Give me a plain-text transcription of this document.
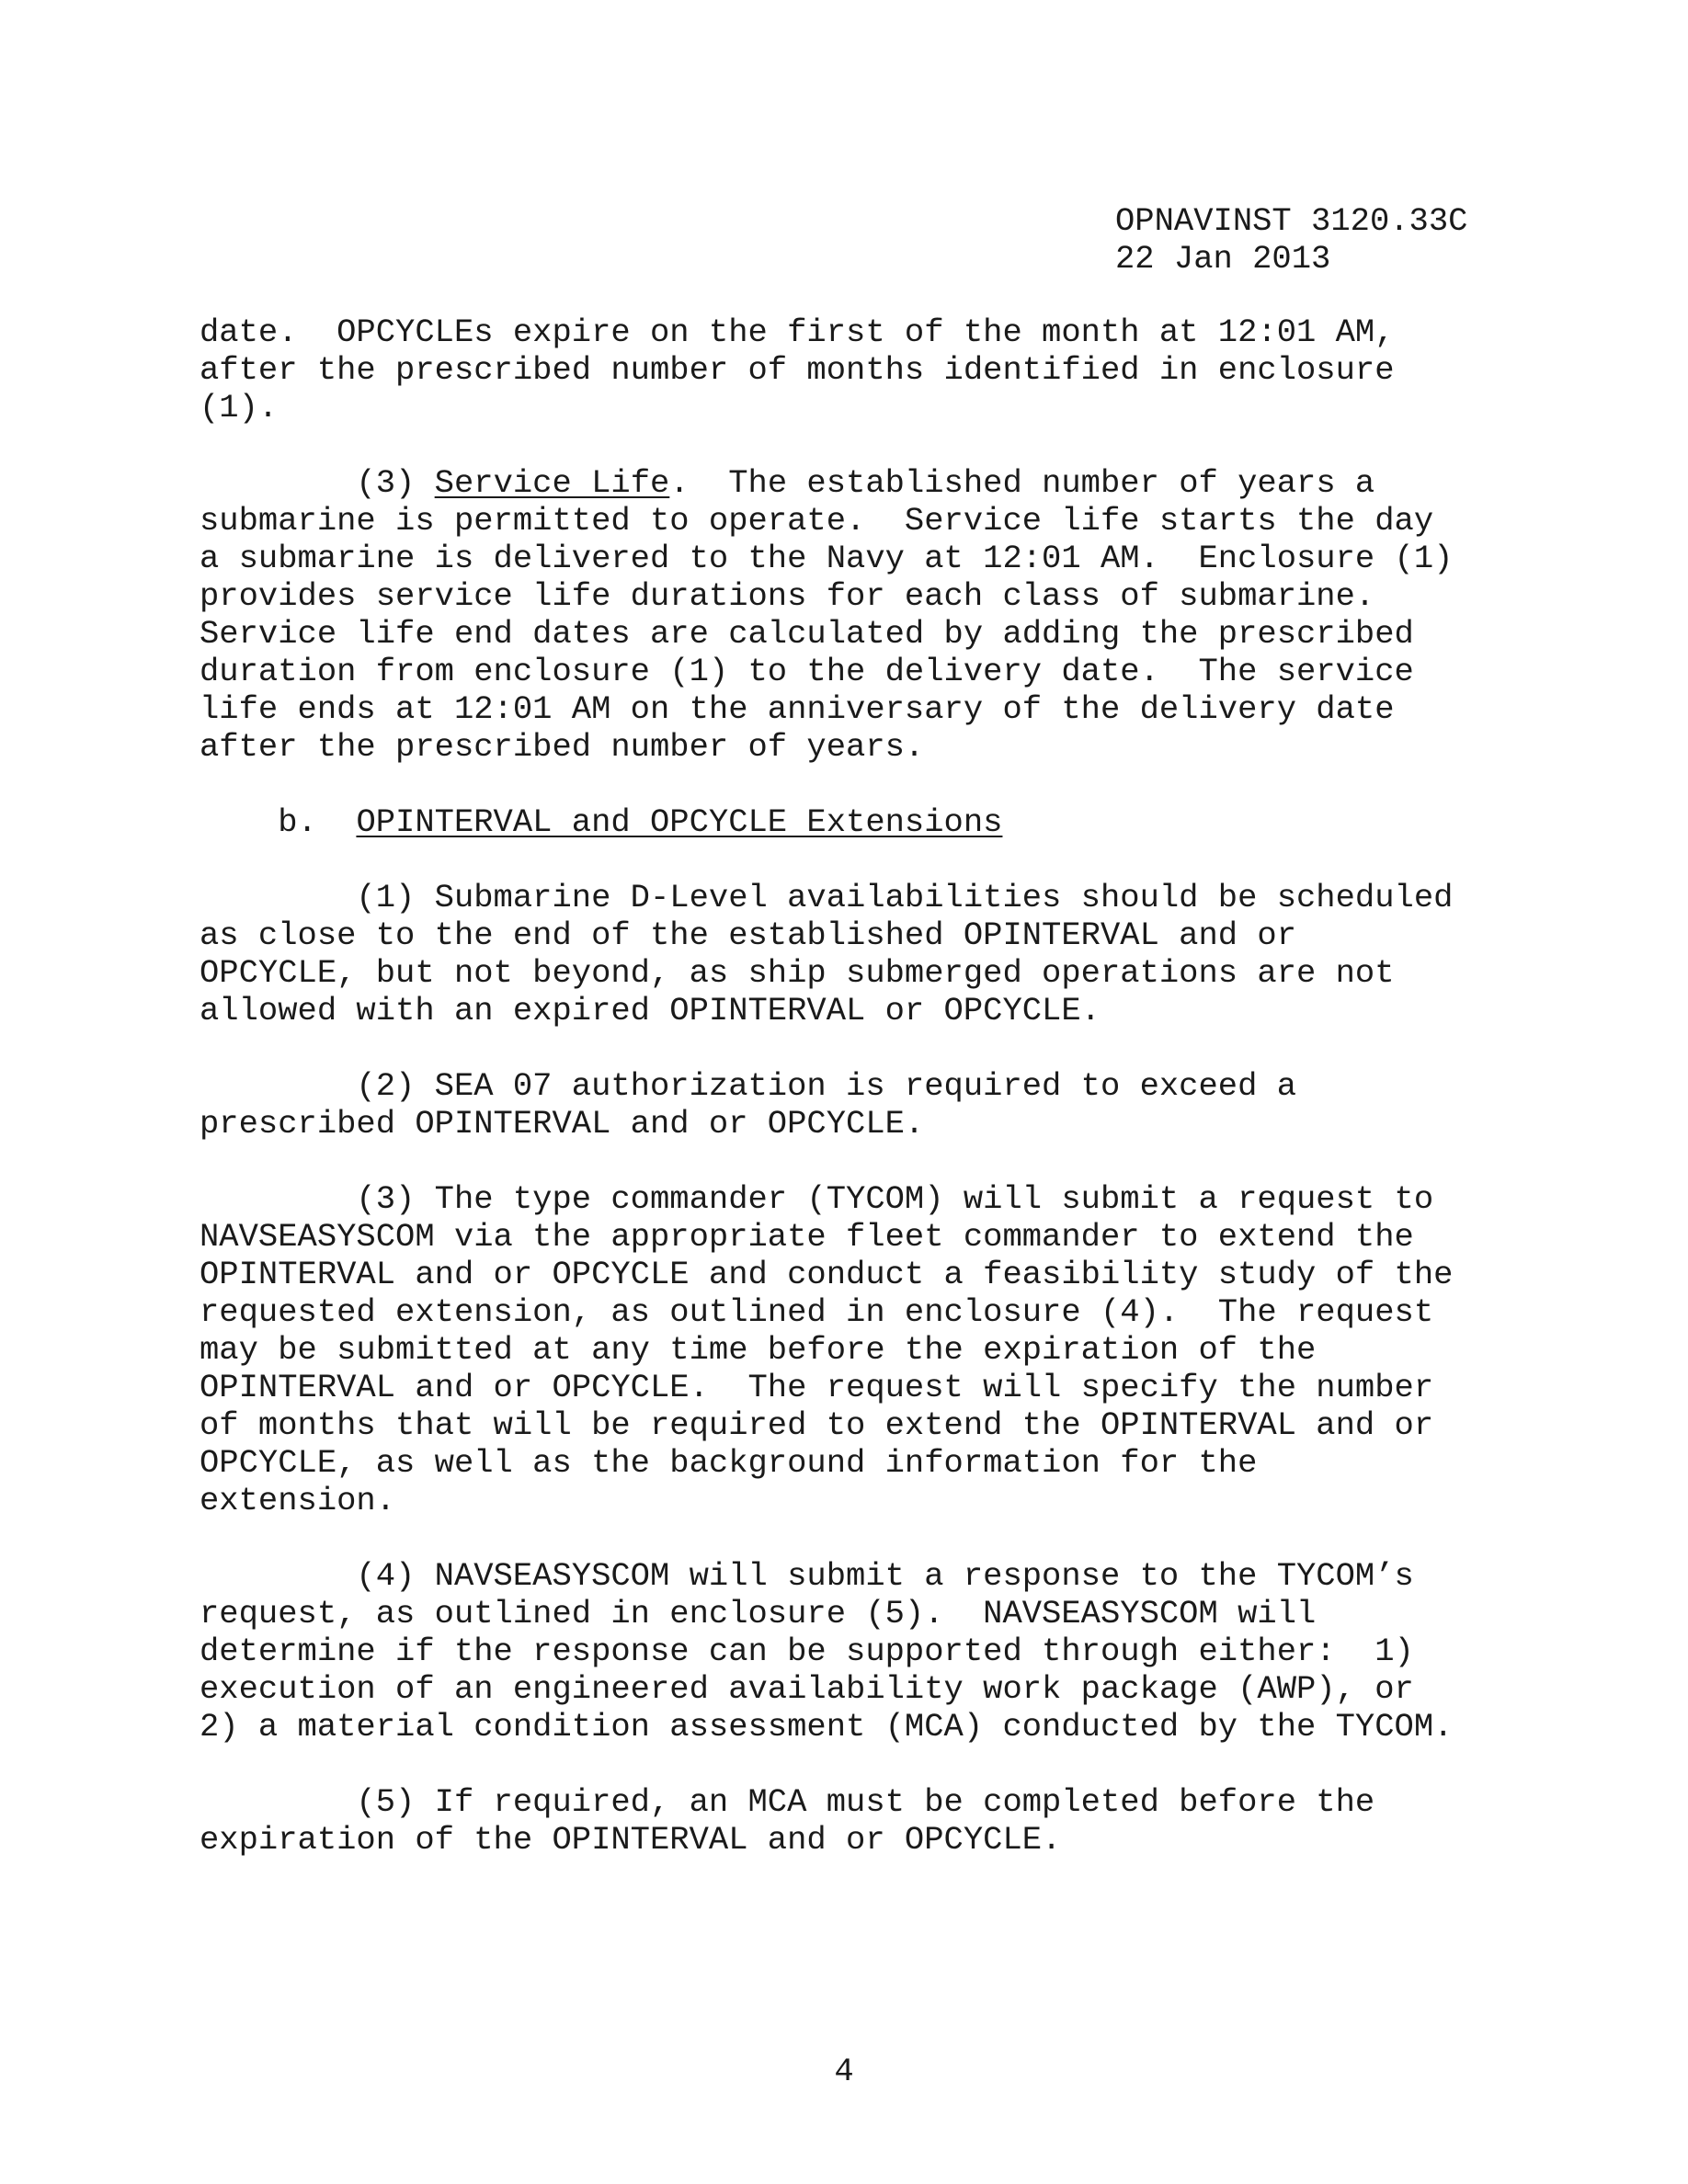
OPNAVINST 3120.33C
22 Jan 2013
date.  OPCYCLEs expire on the first of the month at 12:01 AM,
after the prescribed number of months identified in enclosure
(1).
(3) Service Life.  The established number of years a
submarine is permitted to operate.  Service life starts the day
a submarine is delivered to the Navy at 12:01 AM.  Enclosure (1)
provides service life durations for each class of submarine.
Service life end dates are calculated by adding the prescribed
duration from enclosure (1) to the delivery date.  The service
life ends at 12:01 AM on the anniversary of the delivery date
after the prescribed number of years.
b.  OPINTERVAL and OPCYCLE Extensions
(1) Submarine D-Level availabilities should be scheduled
as close to the end of the established OPINTERVAL and or
OPCYCLE, but not beyond, as ship submerged operations are not
allowed with an expired OPINTERVAL or OPCYCLE.
(2) SEA 07 authorization is required to exceed a
prescribed OPINTERVAL and or OPCYCLE.
(3) The type commander (TYCOM) will submit a request to
NAVSEASYSCOM via the appropriate fleet commander to extend the
OPINTERVAL and or OPCYCLE and conduct a feasibility study of the
requested extension, as outlined in enclosure (4).  The request
may be submitted at any time before the expiration of the
OPINTERVAL and or OPCYCLE.  The request will specify the number
of months that will be required to extend the OPINTERVAL and or
OPCYCLE, as well as the background information for the
extension.
(4) NAVSEASYSCOM will submit a response to the TYCOM’s
request, as outlined in enclosure (5).  NAVSEASYSCOM will
determine if the response can be supported through either:  1)
execution of an engineered availability work package (AWP), or
2) a material condition assessment (MCA) conducted by the TYCOM.
(5) If required, an MCA must be completed before the
expiration of the OPINTERVAL and or OPCYCLE.
4
